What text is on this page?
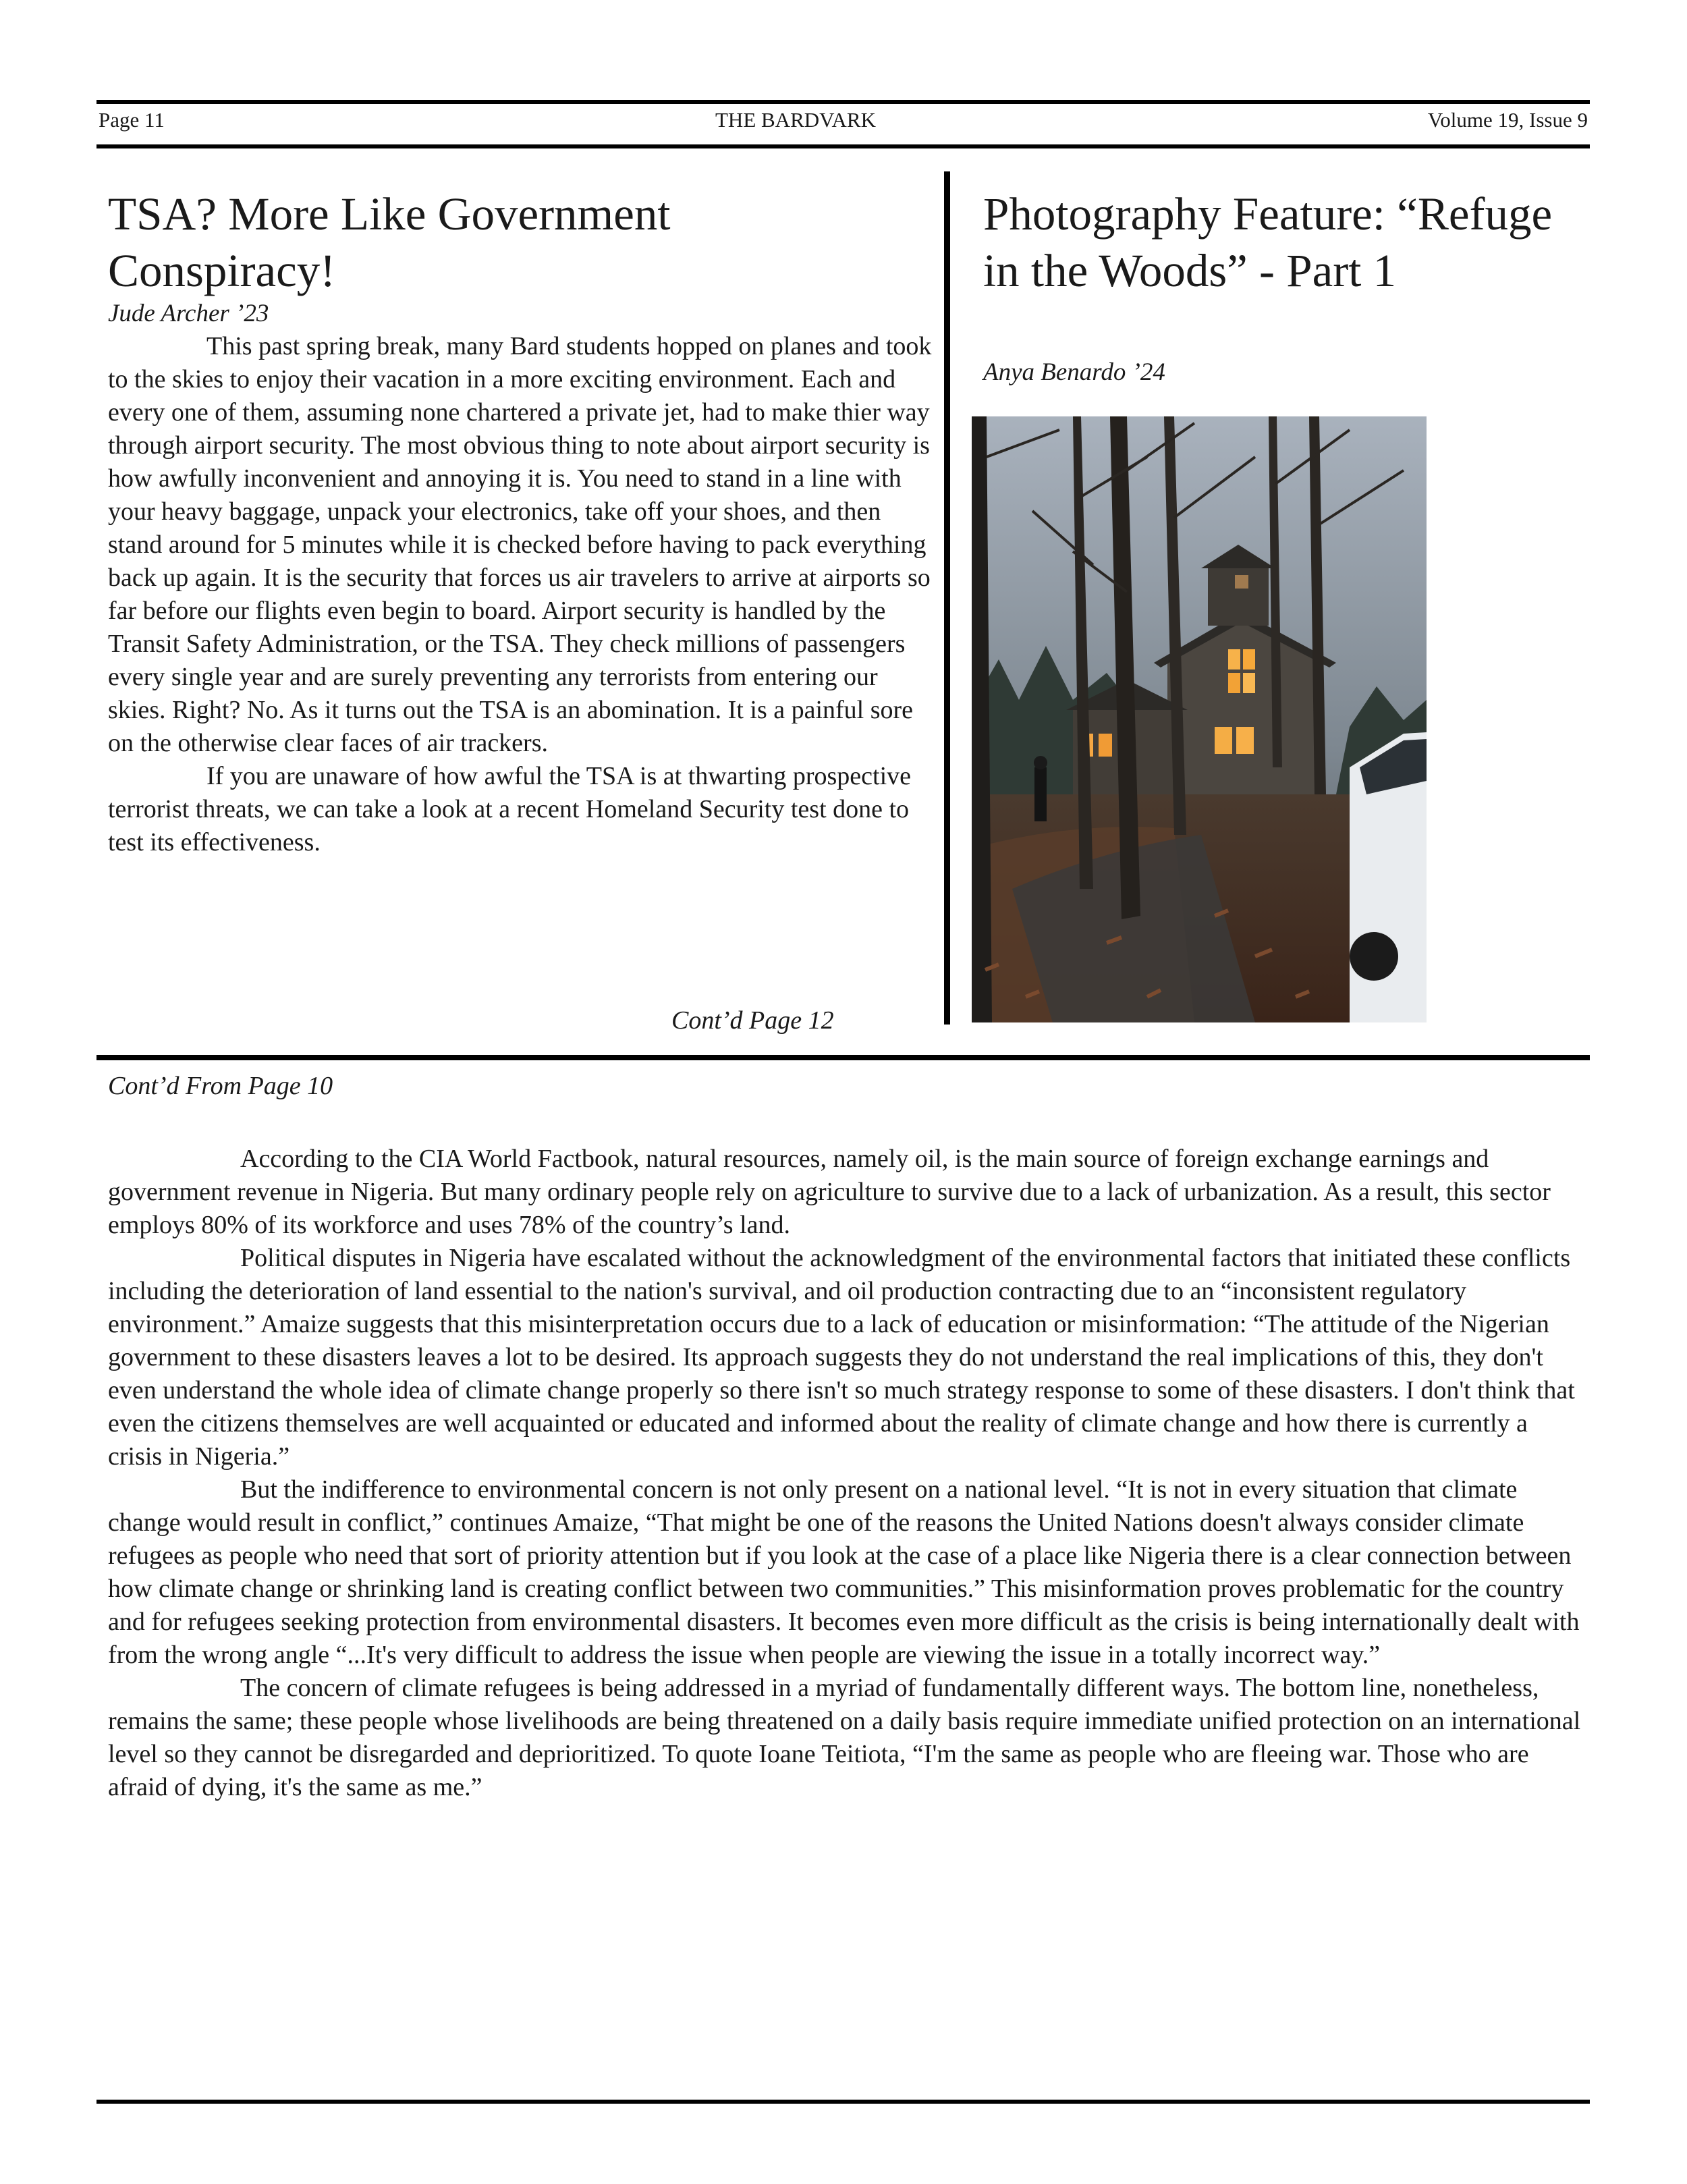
Page 11	THE BARDVARK	Volume 19, Issue 9
TSA? More Like Government Conspiracy!
Jude Archer ’23

This past spring break, many Bard students hopped on planes and took to the skies to enjoy their vacation in a more exciting environment. Each and every one of them, assuming none chartered a private jet, had to make thier way through airport security. The most obvious thing to note about airport security is how awfully inconvenient and annoying it is. You need to stand in a line with your heavy baggage, unpack your electronics, take off your shoes, and then stand around for 5 minutes while it is checked before having to pack everything back up again. It is the security that forces us air travelers to arrive at airports so far before our flights even begin to board. Airport security is handled by the Transit Safety Administration, or the TSA. They check millions of passengers every single year and are surely preventing any terrorists from entering our skies. Right? No. As it turns out the TSA is an abomination. It is a painful sore on the otherwise clear faces of air trackers.

If you are unaware of how awful the TSA is at thwarting prospective terrorist threats, we can take a look at a recent Homeland Security test done to test its effectiveness.

Cont’d Page 12
Photography Feature: “Refuge in the Woods” - Part 1
Anya Benardo ’24
Cont’d From Page 10

According to the CIA World Factbook, natural resources, namely oil, is the main source of foreign exchange earnings and government revenue in Nigeria. But many ordinary people rely on agriculture to survive due to a lack of urbanization. As a result, this sector employs 80% of its workforce and uses 78% of the country’s land.

Political disputes in Nigeria have escalated without the acknowledgment of the environmental factors that initiated these conflicts including the deterioration of land essential to the nation's survival, and oil production contracting due to an “inconsistent regulatory environment.” Amaize suggests that this misinterpretation occurs due to a lack of education or misinformation: “The attitude of the Nigerian government to these disasters leaves a lot to be desired. Its approach suggests they do not understand the real implications of this, they don't even understand the whole idea of climate change properly so there isn't so much strategy response to some of these disasters. I don't think that even the citizens themselves are well acquainted or educated and informed about the reality of climate change and how there is currently a crisis in Nigeria.”

But the indifference to environmental concern is not only present on a national level. “It is not in every situation that climate change would result in conflict,” continues Amaize, “That might be one of the reasons the United Nations doesn't always consider climate refugees as people who need that sort of priority attention but if you look at the case of a place like Nigeria there is a clear connection between how climate change or shrinking land is creating conflict between two communities.” This misinformation proves problematic for the country and for refugees seeking protection from environmental disasters. It becomes even more difficult as the crisis is being internationally dealt with from the wrong angle “...It's very difficult to address the issue when people are viewing the issue in a totally incorrect way.”

The concern of climate refugees is being addressed in a myriad of fundamentally different ways. The bottom line, nonetheless, remains the same; these people whose livelihoods are being threatened on a daily basis require immediate unified protection on an international level so they cannot be disregarded and deprioritized. To quote Ioane Teitiota, “I'm the same as people who are fleeing war. Those who are afraid of dying, it's the same as me.”
